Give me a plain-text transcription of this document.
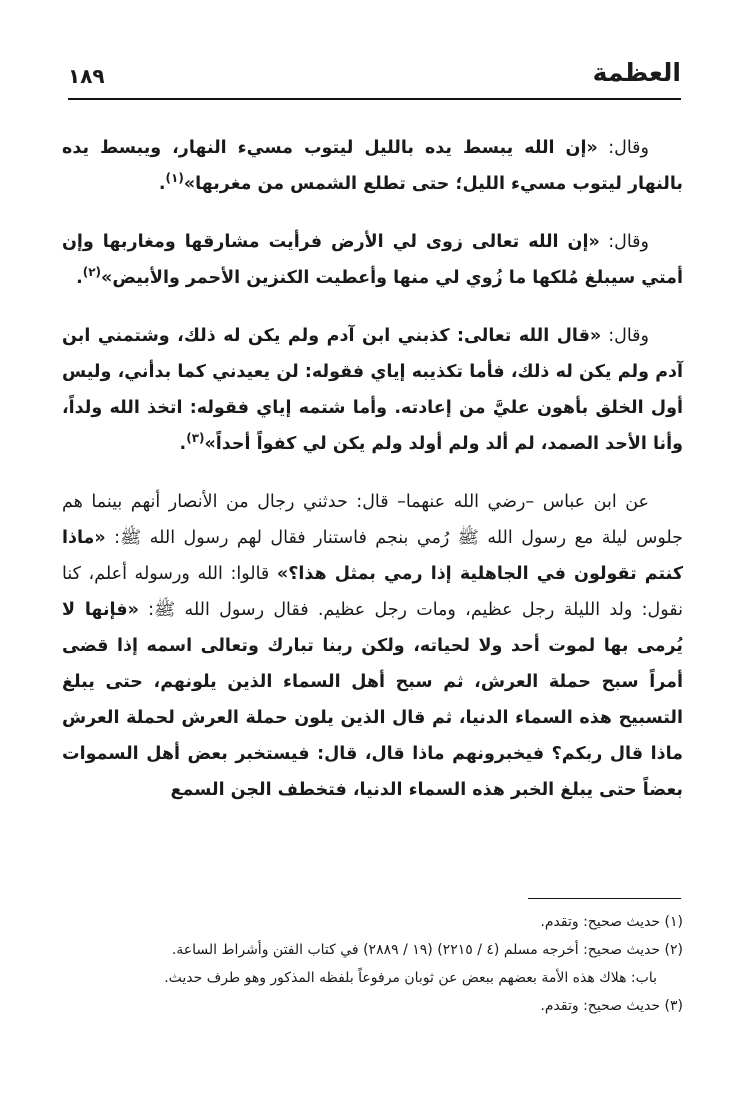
العظمة
١٨٩

وقال: «إن الله يبسط يده بالليل ليتوب مسيء النهار، ويبسط يده بالنهار ليتوب مسيء الليل؛ حتى تطلع الشمس من مغربها»$^{(١)}$.

وقال: «إن الله تعالى زوى لي الأرض فرأيت مشارقها ومغاربها وإن أمتي سيبلغ مُلكها ما زُوي لي منها وأعطيت الكنزين الأحمر والأبيض»$^{(٢)}$.

وقال: «قال الله تعالى: كذبني ابن آدم ولم يكن له ذلك، وشتمني ابن آدم ولم يكن له ذلك، فأما تكذيبه إياي فقوله: لن يعيدني كما بدأني، وليس أول الخلق بأهون عليَّ من إعادته. وأما شتمه إياي فقوله: اتخذ الله ولداً، وأنا الأحد الصمد، لم ألد ولم أولد ولم يكن لي كفواً أحداً»$^{(٣)}$.

عن ابن عباس –رضي الله عنهما– قال: حدثني رجال من الأنصار أنهم بينما هم جلوس ليلة مع رسول الله ﷺ رُمي بنجم فاستنار فقال لهم رسول الله ﷺ: «ماذا كنتم تقولون في الجاهلية إذا رمي بمثل هذا؟» قالوا: الله ورسوله أعلم، كنا نقول: ولد الليلة رجل عظيم، ومات رجل عظيم. فقال رسول الله ﷺ: «فإنها لا يُرمى بها لموت أحد ولا لحياته، ولكن ربنا تبارك وتعالى اسمه إذا قضى أمراً سبح حملة العرش، ثم سبح أهل السماء الذين يلونهم، حتى يبلغ التسبيح هذه السماء الدنيا، ثم قال الذين يلون حملة العرش لحملة العرش ماذا قال ربكم؟ فيخبرونهم ماذا قال، قال: فيستخبر بعض أهل السموات بعضاً حتى يبلغ الخبر هذه السماء الدنيا، فتخطف الجن السمع

(١) حديث صحيح: وتقدم.

(٢) حديث صحيح: أخرجه مسلم (٤ / ٢٢١٥) (١٩ / ٢٨٨٩) في كتاب الفتن وأشراط الساعة.

باب: هلاك هذه الأمة بعضهم ببعض عن ثوبان مرفوعاً بلفظه المذكور وهو طرف حديث.

(٣) حديث صحيح: وتقدم.
